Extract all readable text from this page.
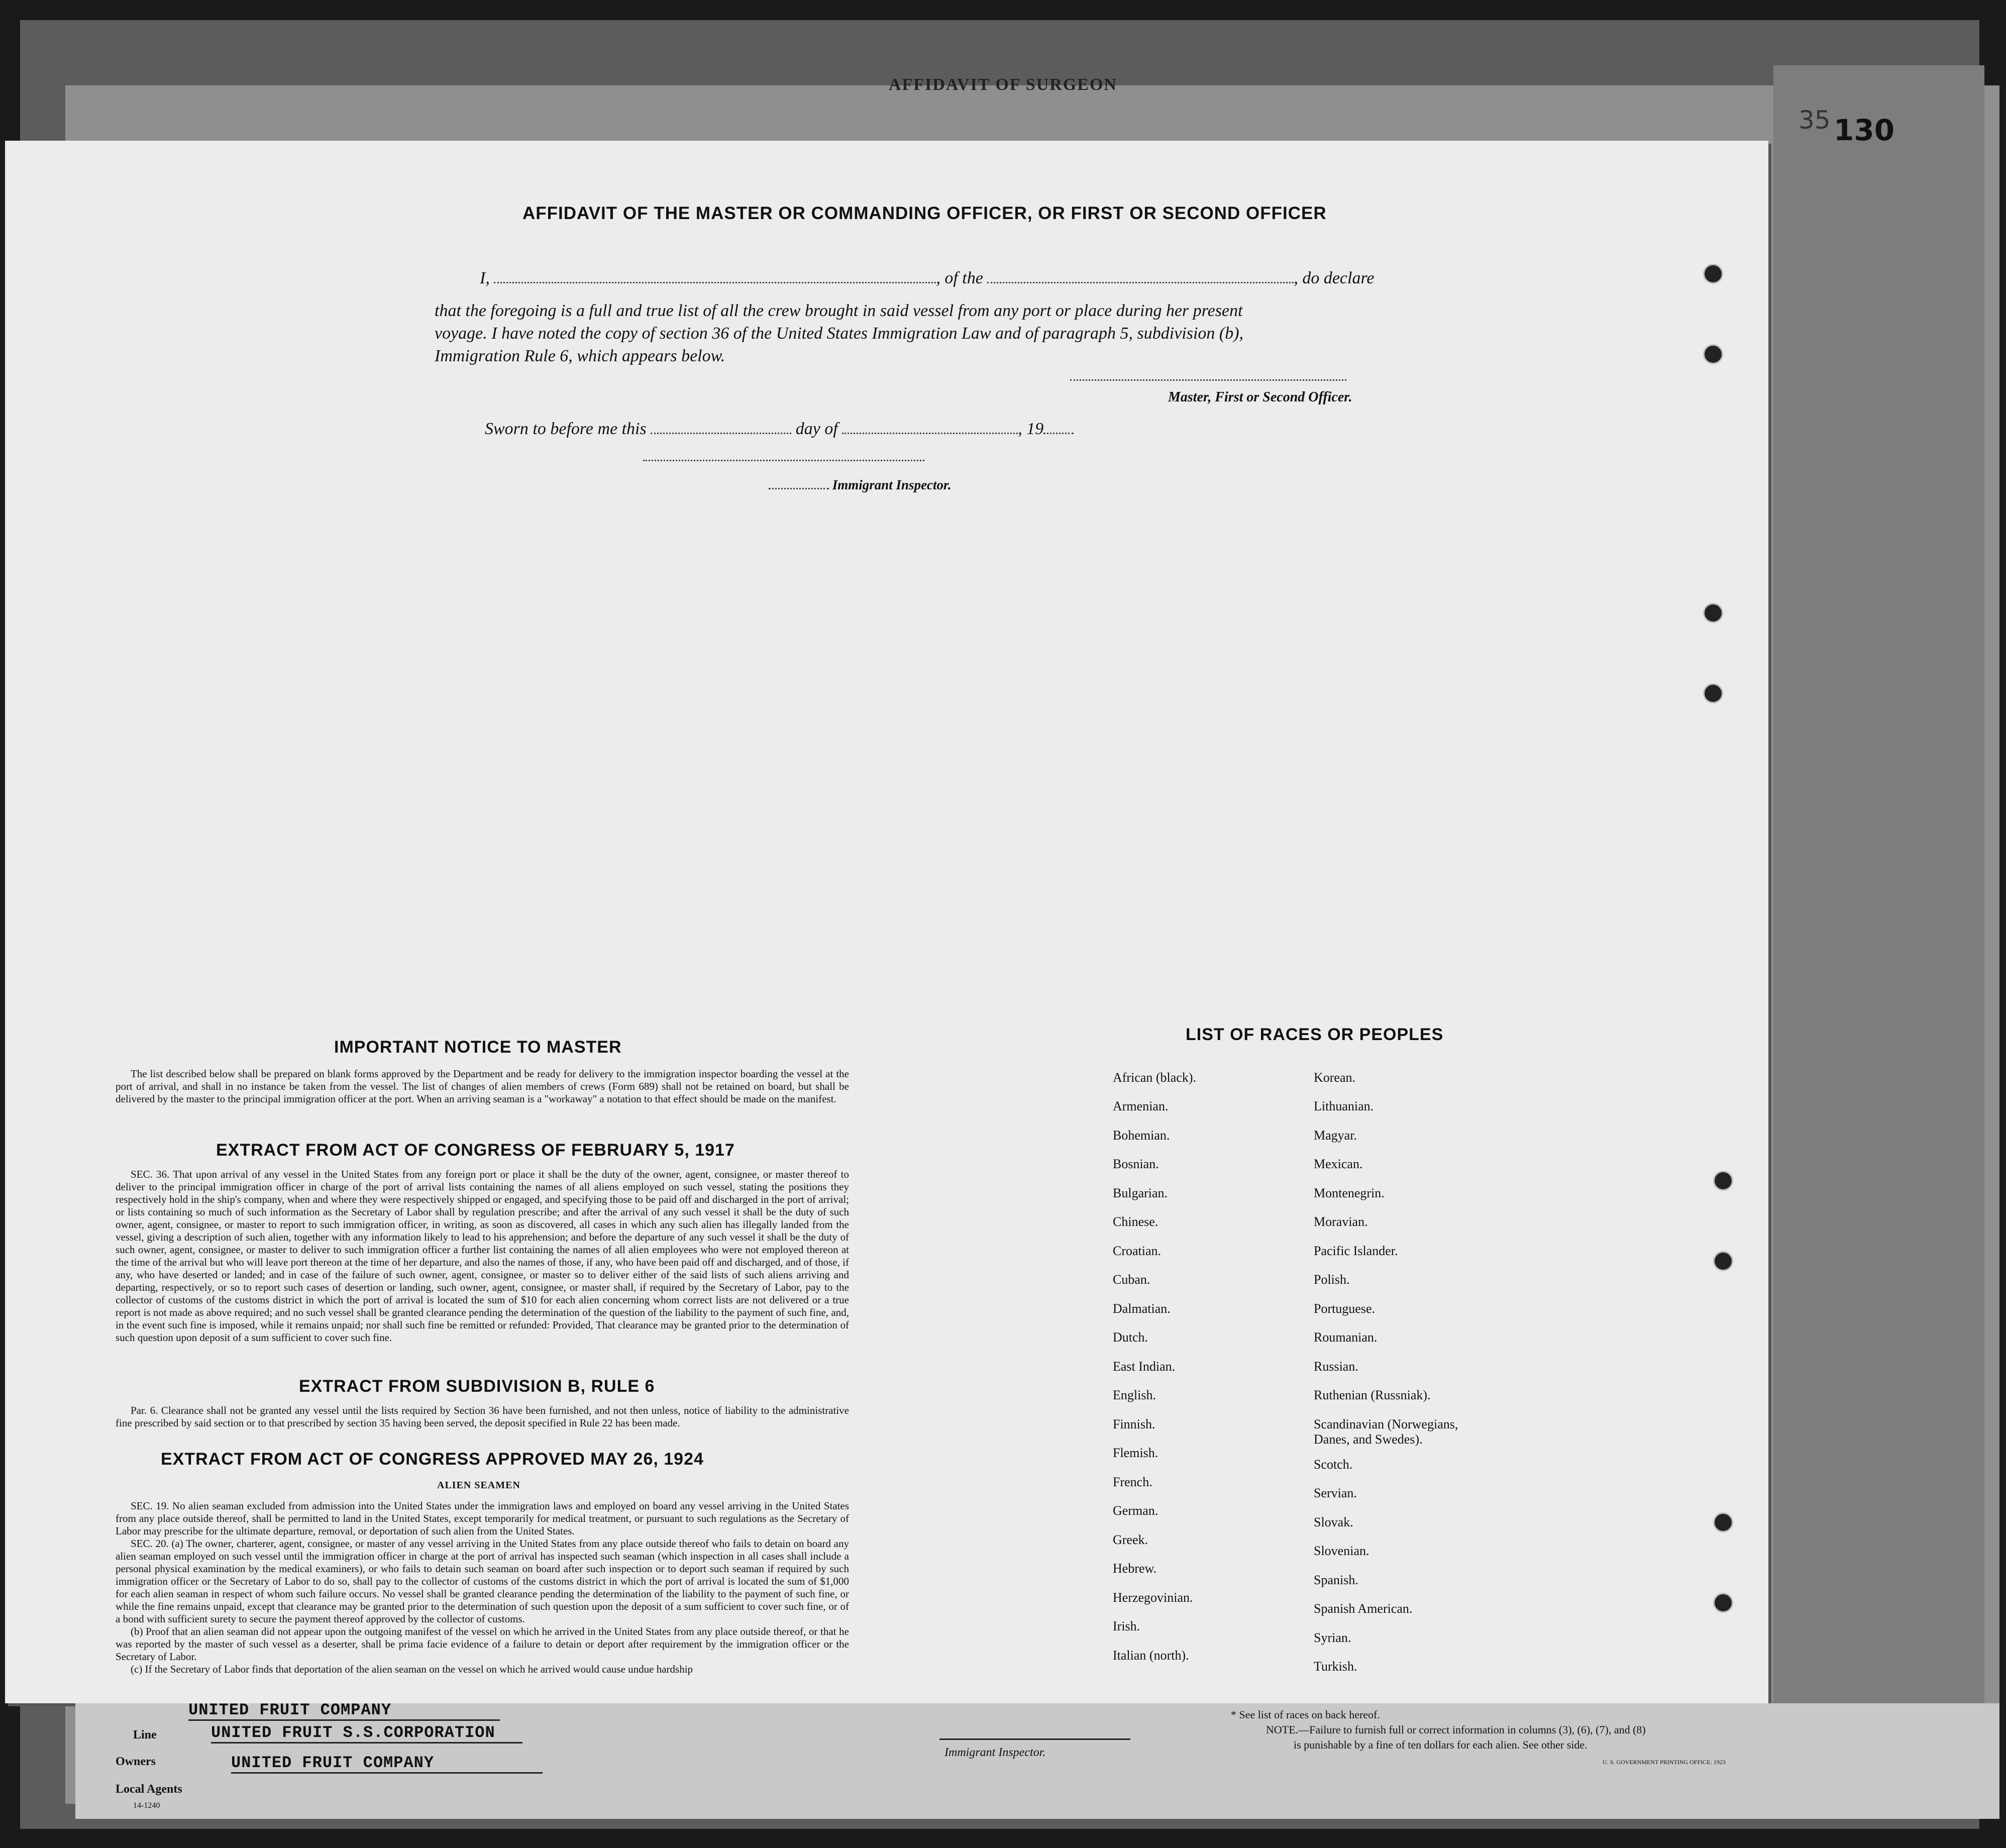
AFFIDAVIT OF SURGEON
35 130
AFFIDAVIT OF THE MASTER OR COMMANDING OFFICER, OR FIRST OR SECOND OFFICER
I,	, of the	, do declare
that the foregoing is a full and true list of all the crew brought in said vessel from any port or place during her present
voyage. I have noted the copy of section 36 of the United States Immigration Law and of paragraph 5, subdivision (b),
Immigration Rule 6, which appears below.
Master, First or Second Officer.
Sworn to before me this	day of	, 19
Immigrant Inspector.
IMPORTANT NOTICE TO MASTER

The list described below shall be prepared on blank forms approved by the Department and be ready for delivery to the immigration inspector boarding the vessel at the port of arrival, and shall in no instance be taken from the vessel. The list of changes of alien members of crews (Form 689) shall not be retained on board, but shall be delivered by the master to the principal immigration officer at the port. When an arriving seaman is a "workaway" a notation to that effect should be made on the manifest.

EXTRACT FROM ACT OF CONGRESS OF FEBRUARY 5, 1917

SEC. 36. That upon arrival of any vessel in the United States from any foreign port or place it shall be the duty of the owner, agent, consignee, or master thereof to deliver to the principal immigration officer in charge of the port of arrival lists containing the names of all aliens employed on such vessel, stating the positions they respectively hold in the ship's company, when and where they were respectively shipped or engaged, and specifying those to be paid off and discharged in the port of arrival; or lists containing so much of such information as the Secretary of Labor shall by regulation prescribe; and after the arrival of any such vessel it shall be the duty of such owner, agent, consignee, or master to report to such immigration officer, in writing, as soon as discovered, all cases in which any such alien has illegally landed from the vessel, giving a description of such alien, together with any information likely to lead to his apprehension; and before the departure of any such vessel it shall be the duty of such owner, agent, consignee, or master to deliver to such immigration officer a further list containing the names of all alien employees who were not employed thereon at the time of the arrival but who will leave port thereon at the time of her departure, and also the names of those, if any, who have been paid off and discharged, and of those, if any, who have deserted or landed; and in case of the failure of such owner, agent, consignee, or master so to deliver either of the said lists of such aliens arriving and departing, respectively, or so to report such cases of desertion or landing, such owner, agent, consignee, or master shall, if required by the Secretary of Labor, pay to the collector of customs of the customs district in which the port of arrival is located the sum of $10 for each alien concerning whom correct lists are not delivered or a true report is not made as above required; and no such vessel shall be granted clearance pending the determination of the question of the liability to the payment of such fine, and, in the event such fine is imposed, while it remains unpaid; nor shall such fine be remitted or refunded: Provided, That clearance may be granted prior to the determination of such question upon deposit of a sum sufficient to cover such fine.

EXTRACT FROM SUBDIVISION B, RULE 6

Par. 6. Clearance shall not be granted any vessel until the lists required by Section 36 have been furnished, and not then unless, notice of liability to the administrative fine prescribed by said section or to that prescribed by section 35 having been served, the deposit specified in Rule 22 has been made.

EXTRACT FROM ACT OF CONGRESS APPROVED MAY 26, 1924
ALIEN SEAMEN

SEC. 19. No alien seaman excluded from admission into the United States under the immigration laws and employed on board any vessel arriving in the United States from any place outside thereof, shall be permitted to land in the United States, except temporarily for medical treatment, or pursuant to such regulations as the Secretary of Labor may prescribe for the ultimate departure, removal, or deportation of such alien from the United States.

SEC. 20. (a) The owner, charterer, agent, consignee, or master of any vessel arriving in the United States from any place outside thereof who fails to detain on board any alien seaman employed on such vessel until the immigration officer in charge at the port of arrival has inspected such seaman (which inspection in all cases shall include a personal physical examination by the medical examiners), or who fails to detain such seaman on board after such inspection or to deport such seaman if required by such immigration officer or the Secretary of Labor to do so, shall pay to the collector of customs of the customs district in which the port of arrival is located the sum of $1,000 for each alien seaman in respect of whom such failure occurs. No vessel shall be granted clearance pending the determination of the liability to the payment of such fine, or while the fine remains unpaid, except that clearance may be granted prior to the determination of such question upon the deposit of a sum sufficient to cover such fine, or of a bond with sufficient surety to secure the payment thereof approved by the collector of customs.

(b) Proof that an alien seaman did not appear upon the outgoing manifest of the vessel on which he arrived in the United States from any place outside thereof, or that he was reported by the master of such vessel as a deserter, shall be prima facie evidence of a failure to detain or deport after requirement by the immigration officer or the Secretary of Labor.

(c) If the Secretary of Labor finds that deportation of the alien seaman on the vessel on which he arrived would cause undue hardship

LIST OF RACES OR PEOPLES
African (black).
Armenian.
Bohemian.
Bosnian.
Bulgarian.
Chinese.
Croatian.
Cuban.
Dalmatian.
Dutch.
East Indian.
English.
Finnish.
Flemish.
French.
German.
Greek.
Hebrew.
Herzegovinian.
Irish.
Italian (north).
Korean.
Lithuanian.
Magyar.
Mexican.
Montenegrin.
Moravian.
Pacific Islander.
Polish.
Portuguese.
Roumanian.
Russian.
Ruthenian (Russniak).
Scandinavian (Norwegians,
Danes, and Swedes).
Scotch.
Servian.
Slovak.
Slovenian.
Spanish.
Spanish American.
Syrian.
Turkish.
UNITED FRUIT COMPANY
Line
Owners
UNITED FRUIT S.S.CORPORATION
Local Agents
UNITED FRUIT COMPANY
14-1240
Immigrant Inspector.
* See list of races on back hereof.
NOTE.—Failure to furnish full or correct information in columns (3), (6), (7), and (8)
is punishable by a fine of ten dollars for each alien. See other side.
U. S. GOVERNMENT PRINTING OFFICE: 1923
